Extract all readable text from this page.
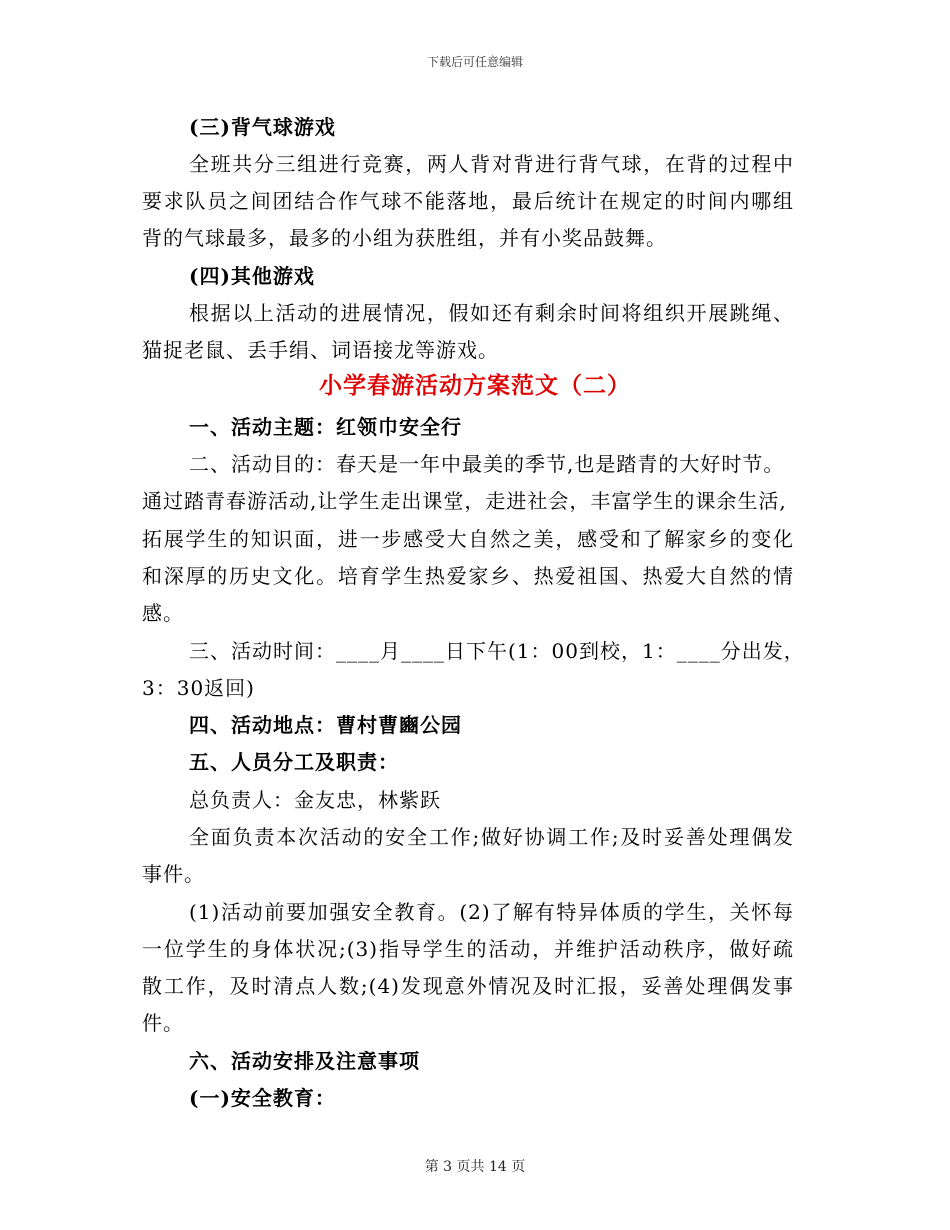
下载后可任意编辑
(三)背气球游戏
全班共分三组进行竞赛，两人背对背进行背气球，在背的过程中
要求队员之间团结合作气球不能落地，最后统计在规定的时间内哪组
背的气球最多，最多的小组为获胜组，并有小奖品鼓舞。
(四)其他游戏
根据以上活动的进展情况，假如还有剩余时间将组织开展跳绳、
猫捉老鼠、丢手绢、词语接龙等游戏。
小学春游活动方案范文（二）
一、活动主题：红领巾安全行
二、活动目的：春天是一年中最美的季节,也是踏青的大好时节。
通过踏青春游活动,让学生走出课堂，走进社会，丰富学生的课余生活,
拓展学生的知识面，进一步感受大自然之美，感受和了解家乡的变化
和深厚的历史文化。培育学生热爱家乡、热爱祖国、热爱大自然的情
感。
三、活动时间：____月____日下午(1：00到校，1：____分出发，
3：30返回)
四、活动地点：曹村曹豳公园
五、人员分工及职责：
总负责人：金友忠，林紫跃
全面负责本次活动的安全工作;做好协调工作;及时妥善处理偶发
事件。
(1)活动前要加强安全教育。(2)了解有特异体质的学生，关怀每
一位学生的身体状况;(3)指导学生的活动，并维护活动秩序，做好疏
散工作，及时清点人数;(4)发现意外情况及时汇报，妥善处理偶发事
件。
六、活动安排及注意事项
(一)安全教育：
第 3 页共 14 页
